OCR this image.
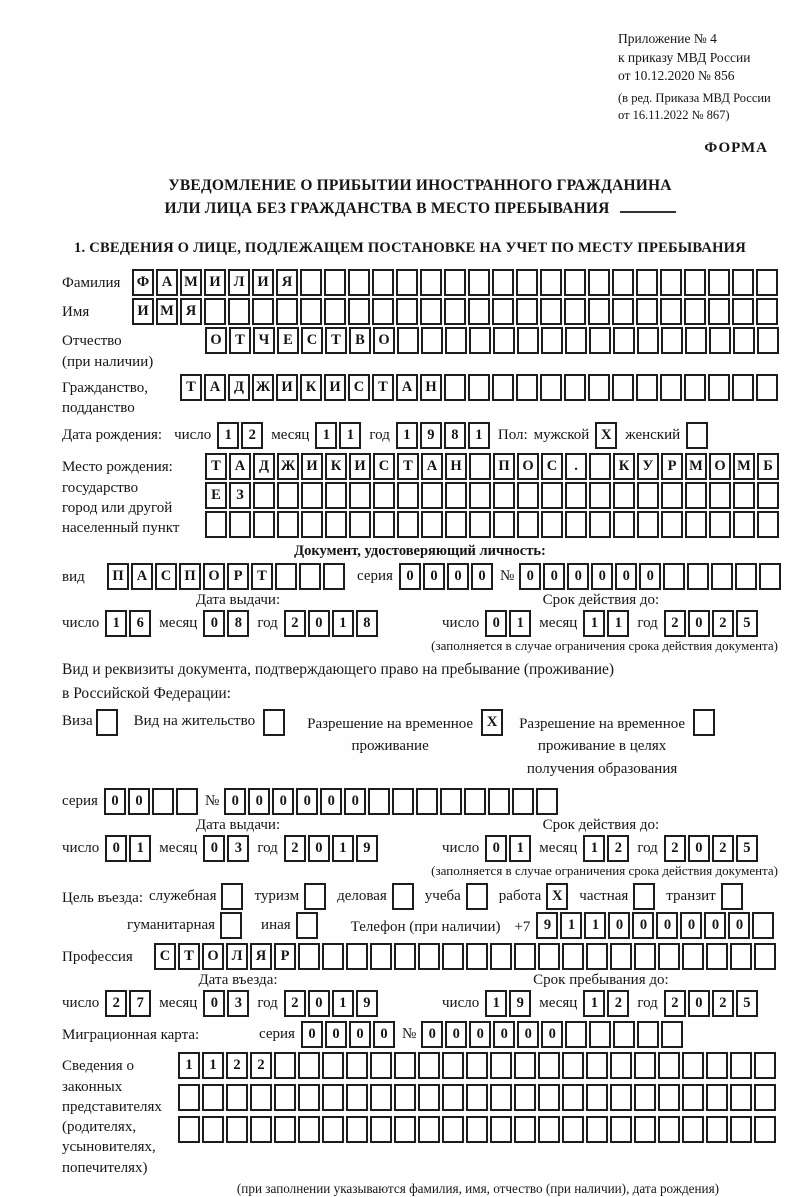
Приложение № 4
к приказу МВД России
от 10.12.2020 № 856
(в ред. Приказа МВД России
от 16.11.2022 № 867)
ФОРМА
УВЕДОМЛЕНИЕ О ПРИБЫТИИ ИНОСТРАННОГО ГРАЖДАНИНА
ИЛИ ЛИЦА БЕЗ ГРАЖДАНСТВА В МЕСТО ПРЕБЫВАНИЯ
1. СВЕДЕНИЯ О ЛИЦЕ, ПОДЛЕЖАЩЕМ ПОСТАНОВКЕ НА УЧЕТ ПО МЕСТУ ПРЕБЫВАНИЯ
Фамилия	Ф А М И Л И Я
Имя	И М Я
Отчество
(при наличии)
О Т Ч Е С Т В О
Гражданство,
подданство
Т А Д Ж И К И С Т А Н
Дата рождения: число 1	2	месяц 1	1	год 1	9	8	1	Пол: мужской X женский
Место рождения:
государство
город или другой
населенный пункт
Т А Д Ж И К И С Т А Н	П О С	.	К У Р М О М Б
Е	З
Документ, удостоверяющий личность:
вид	П А С П О Р	Т	серия 0	0	0	0 № 0	0	0	0	0	0
Дата выдачи:
число 1	6	месяц 0	8	год 2	0	1	8
Срок действия до:
число 0	1	месяц 1	1	год 2	0	2	5
(заполняется в случае ограничения срока действия документа)
Вид и реквизиты документа, подтверждающего право на пребывание (проживание)
в Российской Федерации:
Виза	Вид на жительство	Разрешение на временное
проживание
X	Разрешение на временное
проживание в целях
получения образования
серия 0	0	№ 0	0	0	0	0	0
Дата выдачи:
число 0	1	месяц 0	3	год 2	0	1	9
Срок действия до:
число 0	1	месяц 1	2	год 2	0	2	5
(заполняется в случае ограничения срока действия документа)
Цель въезда: служебная	туризм	деловая	учеба	работа X	частная	транзит
гуманитарная	иная	Телефон (при наличии) +7 9	1	1	0	0	0	0	0	0
Профессия	С Т О Л Я Р
Дата въезда:
число 2	7	месяц 0	3	год 2	0	1	9
Срок пребывания до:
число 1	9	месяц 1	2	год 2	0	2	5
Миграционная карта:	серия 0	0	0	0 № 0	0	0	0	0	0
Сведения о
законных
представителях
(родителях,
усыновителях,
попечителях)
1	1	2	2
(при заполнении указываются фамилия, имя, отчество (при наличии), дата рождения)
